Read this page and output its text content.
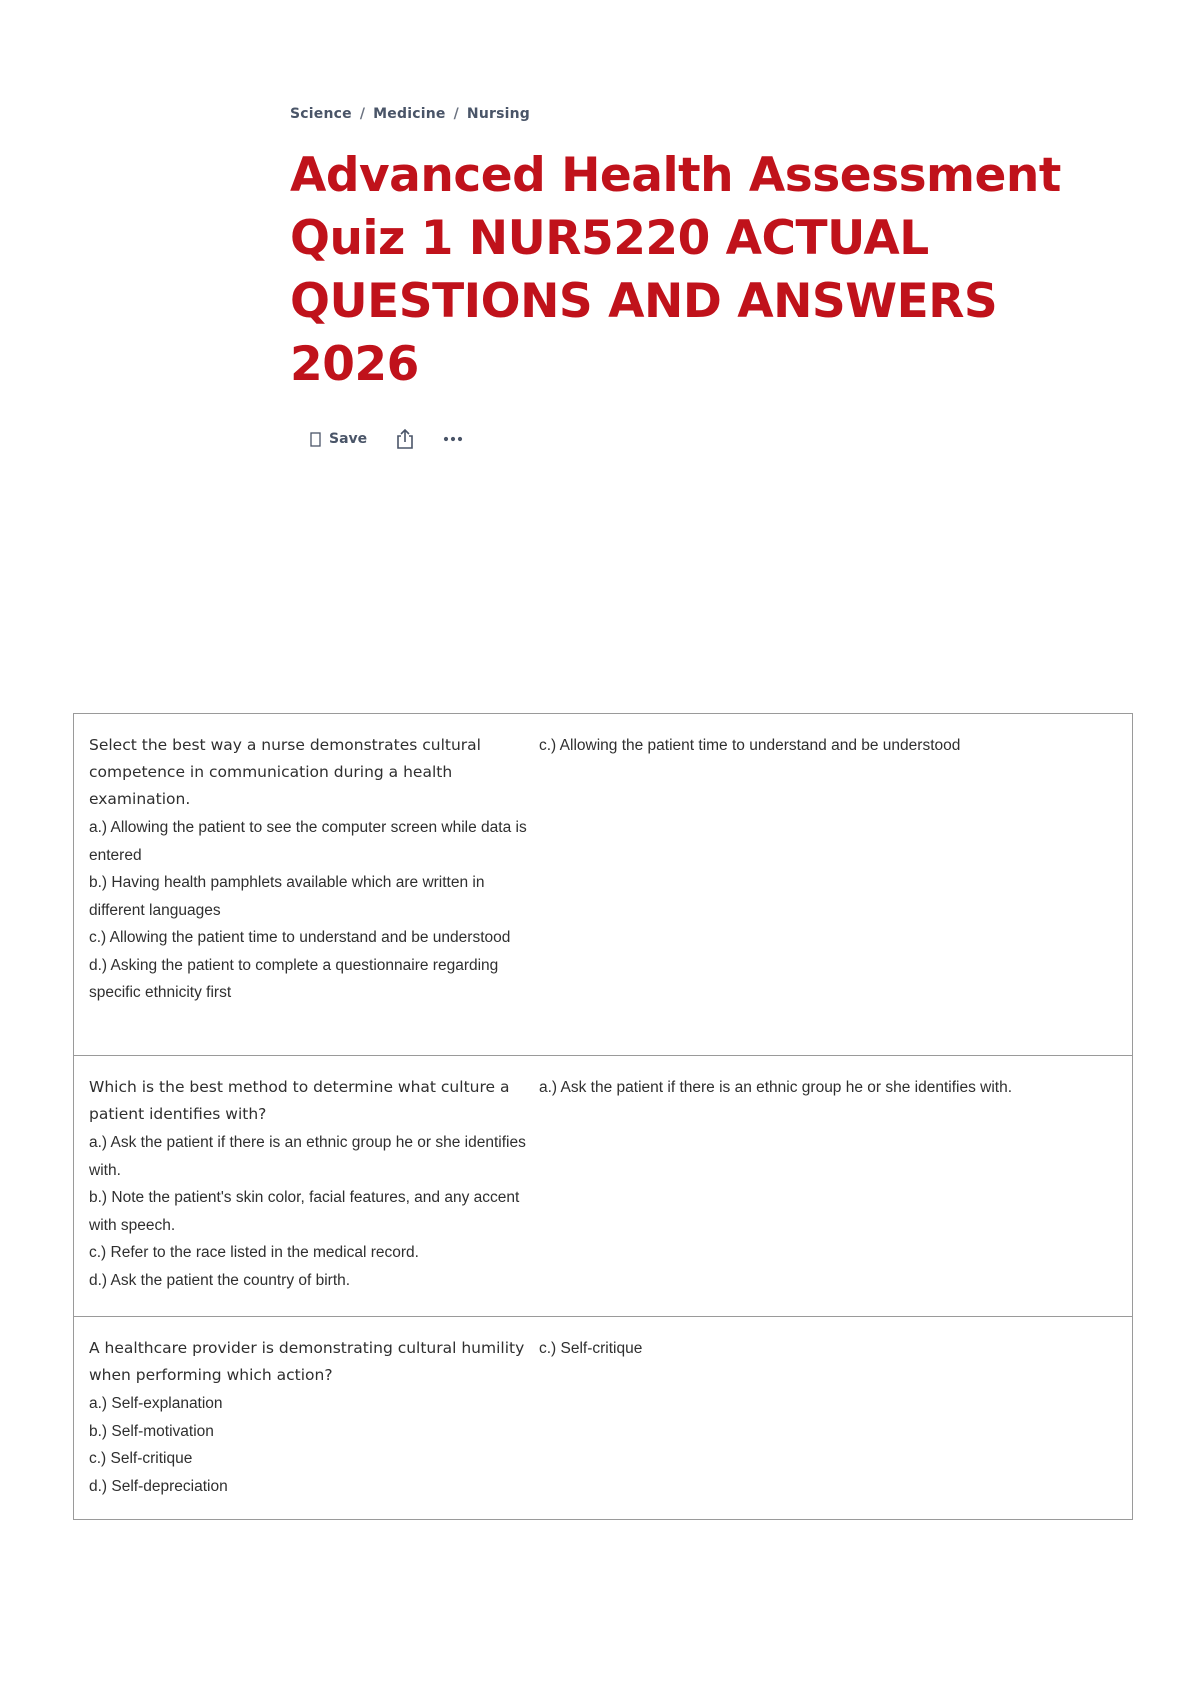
Science / Medicine / Nursing
Advanced Health Assessment Quiz 1 NUR5220 ACTUAL QUESTIONS AND ANSWERS 2026
Save

Select the best way a nurse demonstrates cultural competence in communication during a health examination.

a.) Allowing the patient to see the computer screen while data is entered

b.) Having health pamphlets available which are written in different languages

c.) Allowing the patient time to understand and be understood

d.) Asking the patient to complete a questionnaire regarding specific ethnicity first

c.) Allowing the patient time to understand and be understood

Which is the best method to determine what culture a patient identifies with?

a.) Ask the patient if there is an ethnic group he or she identifies with.

b.) Note the patient's skin color, facial features, and any accent with speech.

c.) Refer to the race listed in the medical record.

d.) Ask the patient the country of birth.

a.) Ask the patient if there is an ethnic group he or she identifies with.

A healthcare provider is demonstrating cultural humility when performing which action?

a.) Self-explanation

b.) Self-motivation

c.) Self-critique

d.) Self-depreciation

c.) Self-critique
